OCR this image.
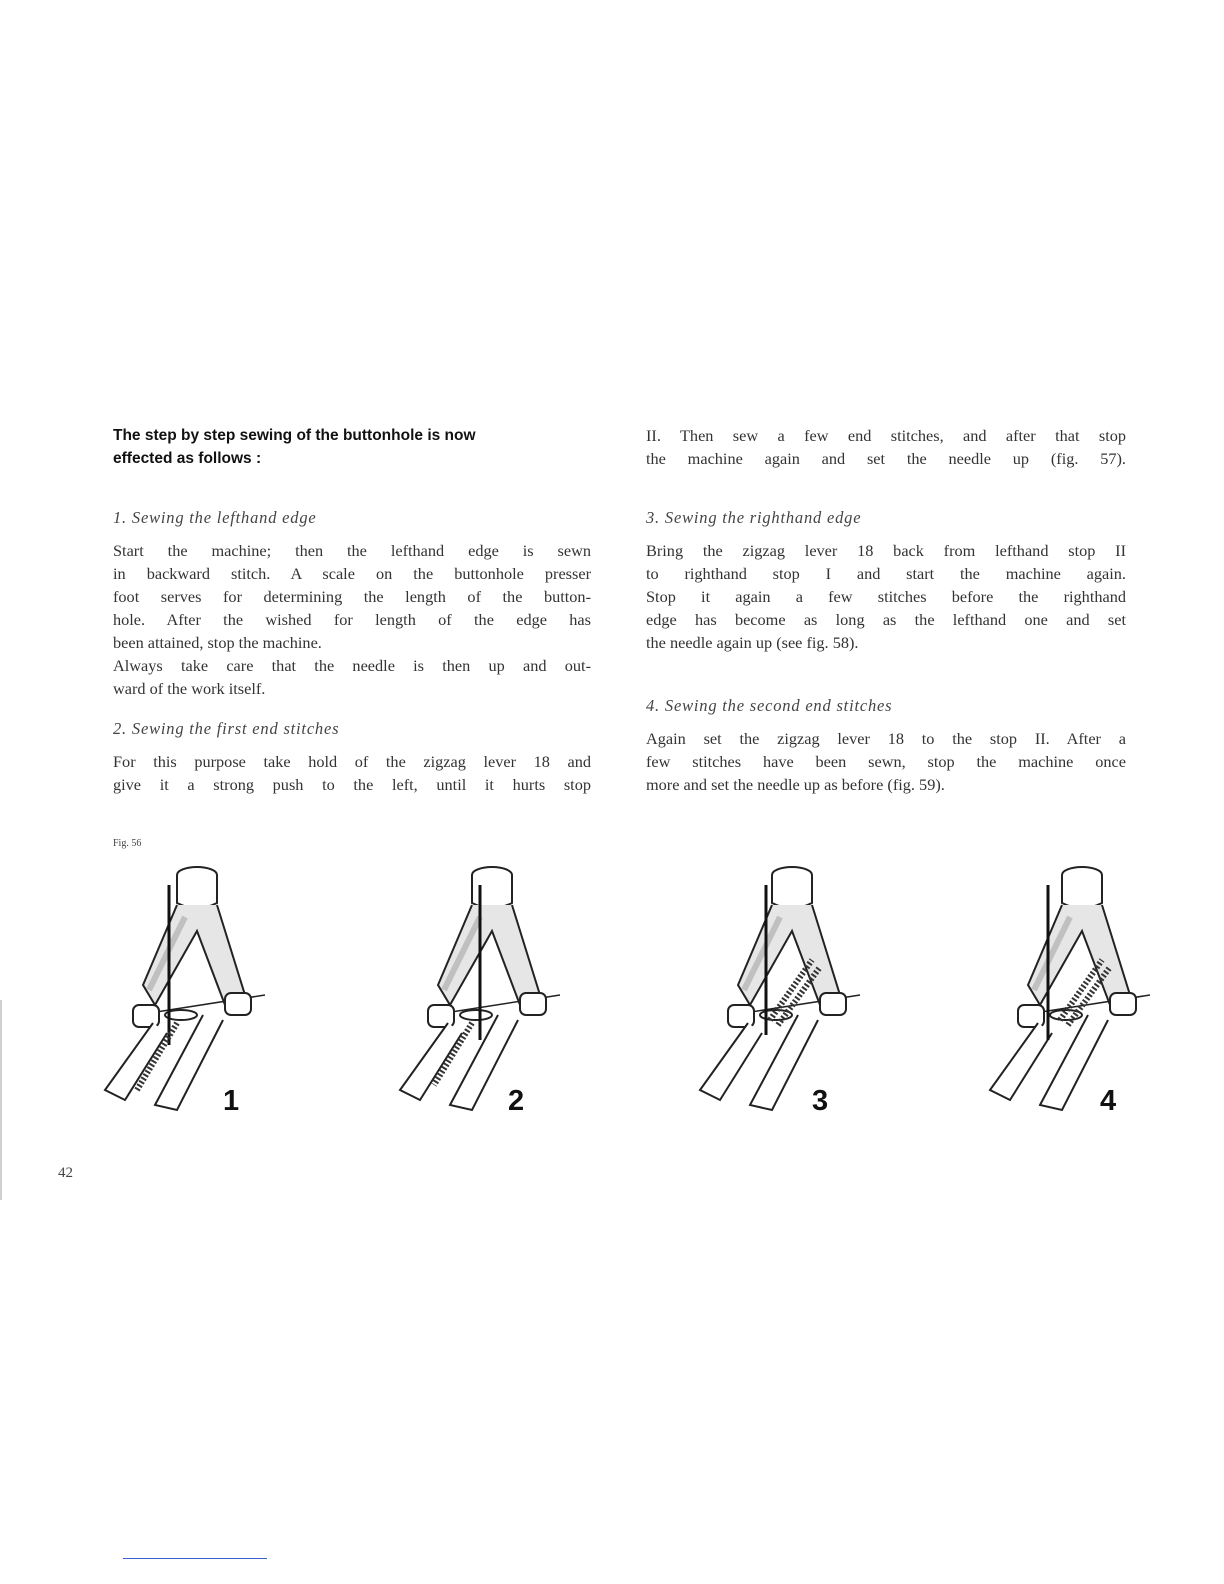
The step by step sewing of the buttonhole is now
effected as follows :

1. Sewing the lefthand edge

Start the machine; then the lefthand edge is sewn
in backward stitch. A scale on the buttonhole presser
foot serves for determining the length of the button-
hole. After the wished for length of the edge has
been attained, stop the machine.
Always take care that the needle is then up and out-
ward of the work itself.

2. Sewing the first end stitches

For this purpose take hold of the zigzag lever 18 and
give it a strong push to the left, until it hurts stop
II. Then sew a few end stitches, and after that stop
the machine again and set the needle up (fig. 57).

3. Sewing the righthand edge

Bring the zigzag lever 18 back from lefthand stop II
to righthand stop I and start the machine again.
Stop it again a few stitches before the righthand
edge has become as long as the lefthand one and set
the needle again up (see fig. 58).

4. Sewing the second end stitches

Again set the zigzag lever 18 to the stop II. After a
few stitches have been sewn, stop the machine once
more and set the needle up as before (fig. 59).
Fig. 56
1	2	3	4
42
